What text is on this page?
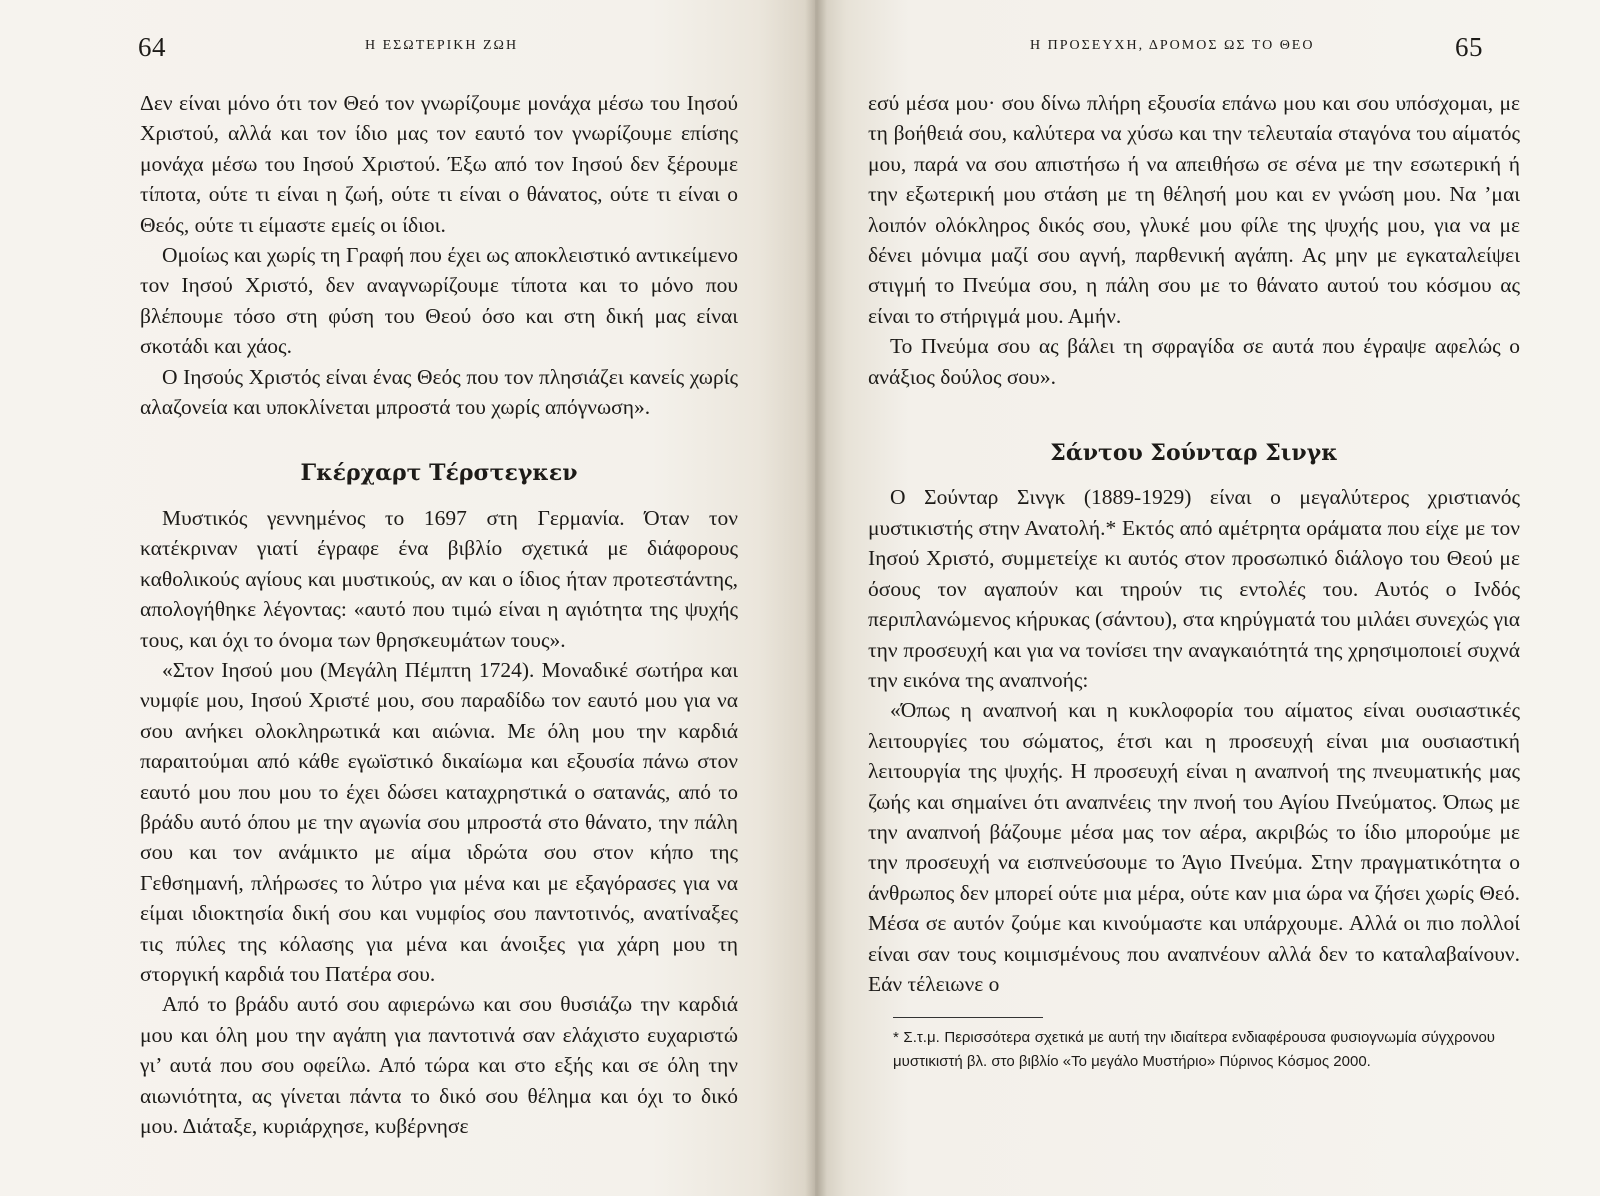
64	Η ΕΣΩΤΕΡΙΚΗ ΖΩΗ

Δεν είναι μόνο ότι τον Θεό τον γνωρίζουμε μονάχα μέσω του Ιησού Χριστού, αλλά και τον ίδιο μας τον εαυτό τον γνωρίζουμε επίσης μονάχα μέσω του Ιησού Χριστού. Έξω από τον Ιησού δεν ξέρουμε τίποτα, ούτε τι είναι η ζωή, ούτε τι είναι ο θάνατος, ούτε τι είναι ο Θεός, ούτε τι είμαστε εμείς οι ίδιοι.

Ομοίως και χωρίς τη Γραφή που έχει ως αποκλειστικό αντικείμενο τον Ιησού Χριστό, δεν αναγνωρίζουμε τίποτα και το μόνο που βλέπουμε τόσο στη φύση του Θεού όσο και στη δική μας είναι σκοτάδι και χάος.

Ο Ιησούς Χριστός είναι ένας Θεός που τον πλησιάζει κανείς χωρίς αλαζονεία και υποκλίνεται μπροστά του χωρίς απόγνωση».

Γκέρχαρτ Τέρστεγκεν

Μυστικός γεννημένος το 1697 στη Γερμανία. Όταν τον κατέκριναν γιατί έγραφε ένα βιβλίο σχετικά με διάφορους καθολικούς αγίους και μυστικούς, αν και ο ίδιος ήταν προτεστάντης, απολογήθηκε λέγοντας: «αυτό που τιμώ είναι η αγιότητα της ψυχής τους, και όχι το όνομα των θρησκευμάτων τους».

«Στον Ιησού μου (Μεγάλη Πέμπτη 1724). Μοναδικέ σωτήρα και νυμφίε μου, Ιησού Χριστέ μου, σου παραδίδω τον εαυτό μου για να σου ανήκει ολοκληρωτικά και αιώνια. Με όλη μου την καρδιά παραιτούμαι από κάθε εγωϊστικό δικαίωμα και εξουσία πάνω στον εαυτό μου που μου το έχει δώσει καταχρηστικά ο σατανάς, από το βράδυ αυτό όπου με την αγωνία σου μπροστά στο θάνατο, την πάλη σου και τον ανάμικτο με αίμα ιδρώτα σου στον κήπο της Γεθσημανή, πλήρωσες το λύτρο για μένα και με εξαγόρασες για να είμαι ιδιοκτησία δική σου και νυμφίος σου παντοτινός, ανατίναξες τις πύλες της κόλασης για μένα και άνοιξες για χάρη μου τη στοργική καρδιά του Πατέρα σου.

Από το βράδυ αυτό σου αφιερώνω και σου θυσιάζω την καρδιά μου και όλη μου την αγάπη για παντοτινά σαν ελάχιστο ευχαριστώ γι’ αυτά που σου οφείλω. Από τώρα και στο εξής και σε όλη την αιωνιότητα, ας γίνεται πάντα το δικό σου θέλημα και όχι το δικό μου. Διάταξε, κυριάρχησε, κυβέρνησε

Η ΠΡΟΣΕΥΧΗ, ΔΡΟΜΟΣ ΩΣ ΤΟ ΘΕΟ	65

εσύ μέσα μου· σου δίνω πλήρη εξουσία επάνω μου και σου υπόσχομαι, με τη βοήθειά σου, καλύτερα να χύσω και την τελευταία σταγόνα του αίματός μου, παρά να σου απιστήσω ή να απειθήσω σε σένα με την εσωτερική ή την εξωτερική μου στάση με τη θέλησή μου και εν γνώση μου. Να ’μαι λοιπόν ολόκληρος δικός σου, γλυκέ μου φίλε της ψυχής μου, για να με δένει μόνιμα μαζί σου αγνή, παρθενική αγάπη. Ας μην με εγκαταλείψει στιγμή το Πνεύμα σου, η πάλη σου με το θάνατο αυτού του κόσμου ας είναι το στήριγμά μου. Αμήν.

Το Πνεύμα σου ας βάλει τη σφραγίδα σε αυτά που έγραψε αφελώς ο ανάξιος δούλος σου».

Σάντου Σούνταρ Σινγκ

Ο Σούνταρ Σινγκ (1889-1929) είναι ο μεγαλύτερος χριστιανός μυστικιστής στην Ανατολή.* Εκτός από αμέτρητα οράματα που είχε με τον Ιησού Χριστό, συμμετείχε κι αυτός στον προσωπικό διάλογο του Θεού με όσους τον αγαπούν και τηρούν τις εντολές του. Αυτός ο Ινδός περιπλανώμενος κήρυκας (σάντου), στα κηρύγματά του μιλάει συνεχώς για την προσευχή και για να τονίσει την αναγκαιότητά της χρησιμοποιεί συχνά την εικόνα της αναπνοής:

«Όπως η αναπνοή και η κυκλοφορία του αίματος είναι ουσιαστικές λειτουργίες του σώματος, έτσι και η προσευχή είναι μια ουσιαστική λειτουργία της ψυχής. Η προσευχή είναι η αναπνοή της πνευματικής μας ζωής και σημαίνει ότι αναπνέεις την πνοή του Αγίου Πνεύματος. Όπως με την αναπνοή βάζουμε μέσα μας τον αέρα, ακριβώς το ίδιο μπορούμε με την προσευχή να εισπνεύσουμε το Άγιο Πνεύμα. Στην πραγματικότητα ο άνθρωπος δεν μπορεί ούτε μια μέρα, ούτε καν μια ώρα να ζήσει χωρίς Θεό. Μέσα σε αυτόν ζούμε και κινούμαστε και υπάρχουμε. Αλλά οι πιο πολλοί είναι σαν τους κοιμισμένους που αναπνέουν αλλά δεν το καταλαβαίνουν. Εάν τέλειωνε ο

* Σ.τ.μ. Περισσότερα σχετικά με αυτή την ιδιαίτερα ενδιαφέρουσα φυσιογνωμία σύγχρονου μυστικιστή βλ. στο βιβλίο «Το μεγάλο Μυστήριο» Πύρινος Κόσμος 2000.
